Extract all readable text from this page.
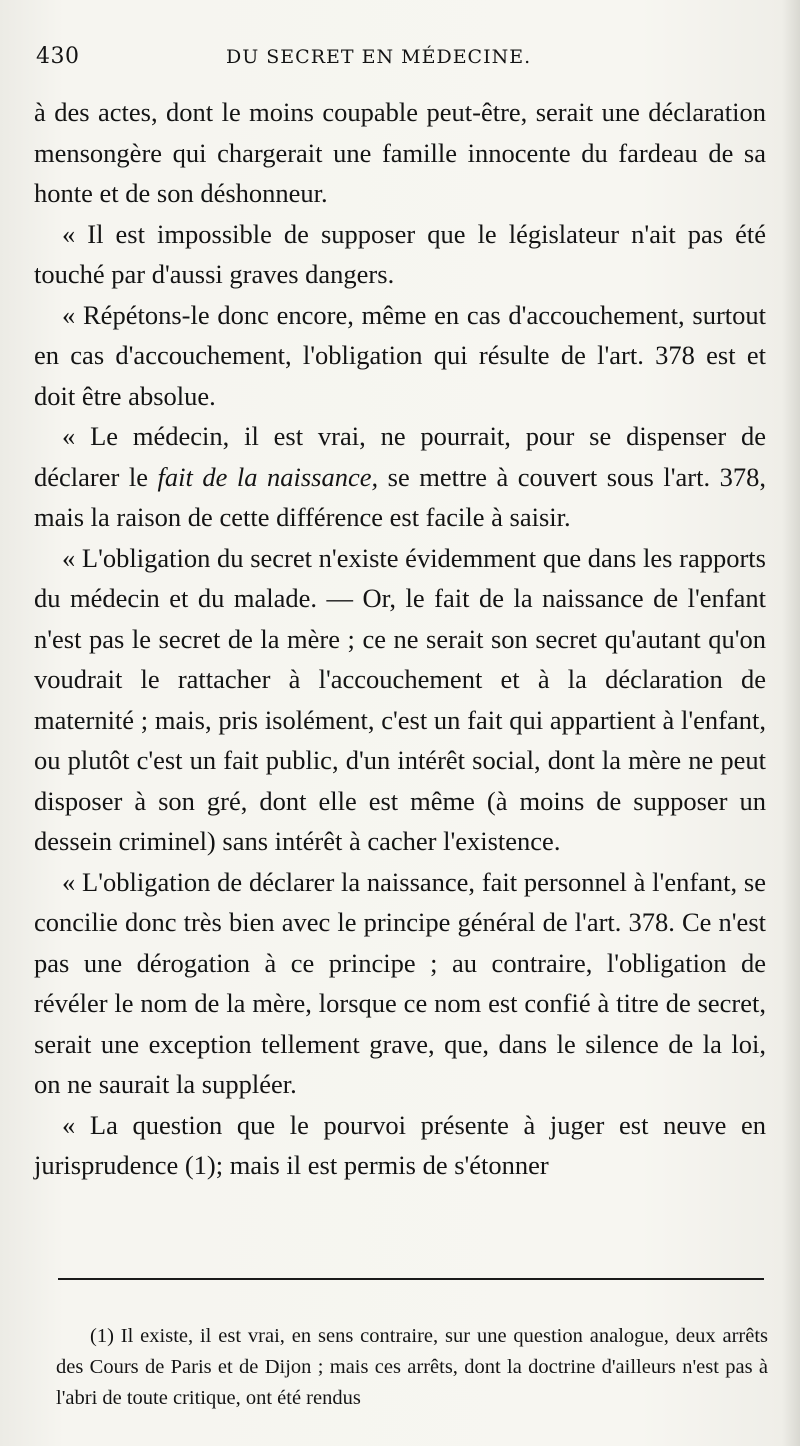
430	DU SECRET EN MÉDECINE.

à des actes, dont le moins coupable peut-être, serait une déclaration mensongère qui chargerait une famille innocente du fardeau de sa honte et de son déshonneur.

« Il est impossible de supposer que le législateur n'ait pas été touché par d'aussi graves dangers.

« Répétons-le donc encore, même en cas d'accouchement, surtout en cas d'accouchement, l'obligation qui résulte de l'art. 378 est et doit être absolue.

« Le médecin, il est vrai, ne pourrait, pour se dispenser de déclarer le fait de la naissance, se mettre à couvert sous l'art. 378, mais la raison de cette différence est facile à saisir.

« L'obligation du secret n'existe évidemment que dans les rapports du médecin et du malade. — Or, le fait de la naissance de l'enfant n'est pas le secret de la mère ; ce ne serait son secret qu'autant qu'on voudrait le rattacher à l'accouchement et à la déclaration de maternité ; mais, pris isolément, c'est un fait qui appartient à l'enfant, ou plutôt c'est un fait public, d'un intérêt social, dont la mère ne peut disposer à son gré, dont elle est même (à moins de supposer un dessein criminel) sans intérêt à cacher l'existence.

« L'obligation de déclarer la naissance, fait personnel à l'enfant, se concilie donc très bien avec le principe général de l'art. 378. Ce n'est pas une dérogation à ce principe ; au contraire, l'obligation de révéler le nom de la mère, lorsque ce nom est confié à titre de secret, serait une exception tellement grave, que, dans le silence de la loi, on ne saurait la suppléer.

« La question que le pourvoi présente à juger est neuve en jurisprudence (1); mais il est permis de s'étonner

(1) Il existe, il est vrai, en sens contraire, sur une question analogue, deux arrêts des Cours de Paris et de Dijon ; mais ces arrêts, dont la doctrine d'ailleurs n'est pas à l'abri de toute critique, ont été rendus
